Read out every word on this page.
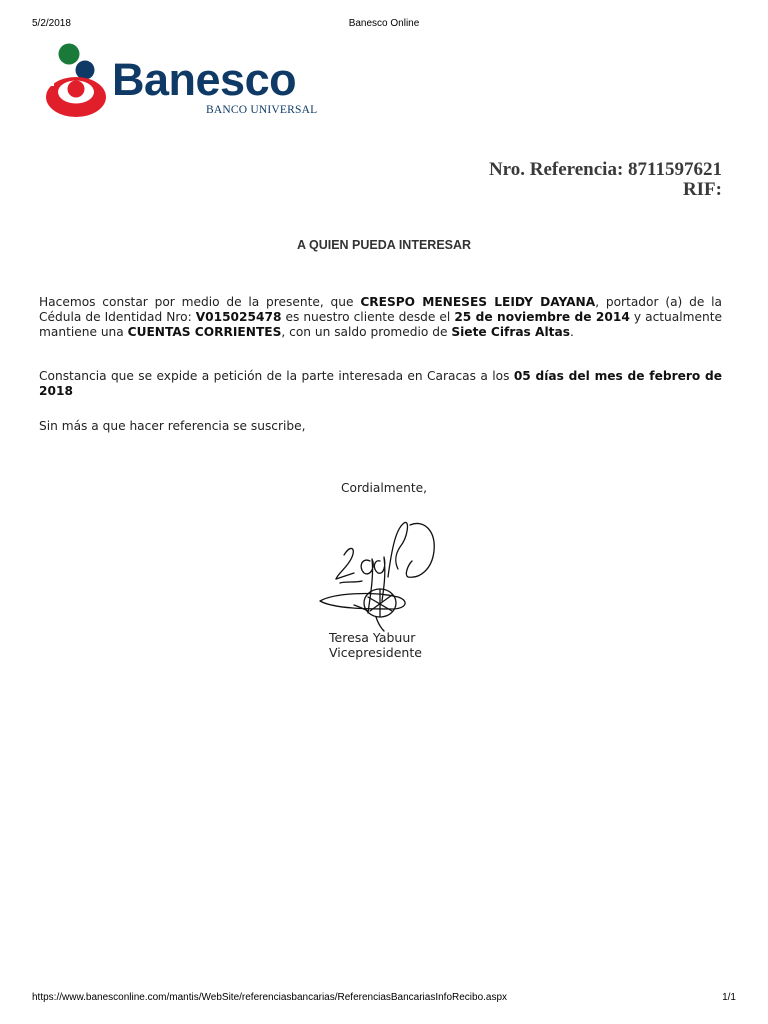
5/2/2018	Banesco Online
Banesco
BANCO UNIVERSAL
Nro. Referencia: 8711597621
RIF:
A QUIEN PUEDA INTERESAR
Hacemos constar por medio de la presente, que CRESPO MENESES LEIDY DAYANA, portador (a) de la Cédula de Identidad Nro: V015025478 es nuestro cliente desde el 25 de noviembre de 2014 y actualmente mantiene una CUENTAS CORRIENTES, con un saldo promedio de Siete Cifras Altas.
Constancia que se expide a petición de la parte interesada en Caracas a los 05 días del mes de febrero de 2018
Sin más a que hacer referencia se suscribe,
Cordialmente,
Teresa Yabuur
Vicepresidente
https://www.banesconline.com/mantis/WebSite/referenciasbancarias/ReferenciasBancariasInfoRecibo.aspx	1/1
